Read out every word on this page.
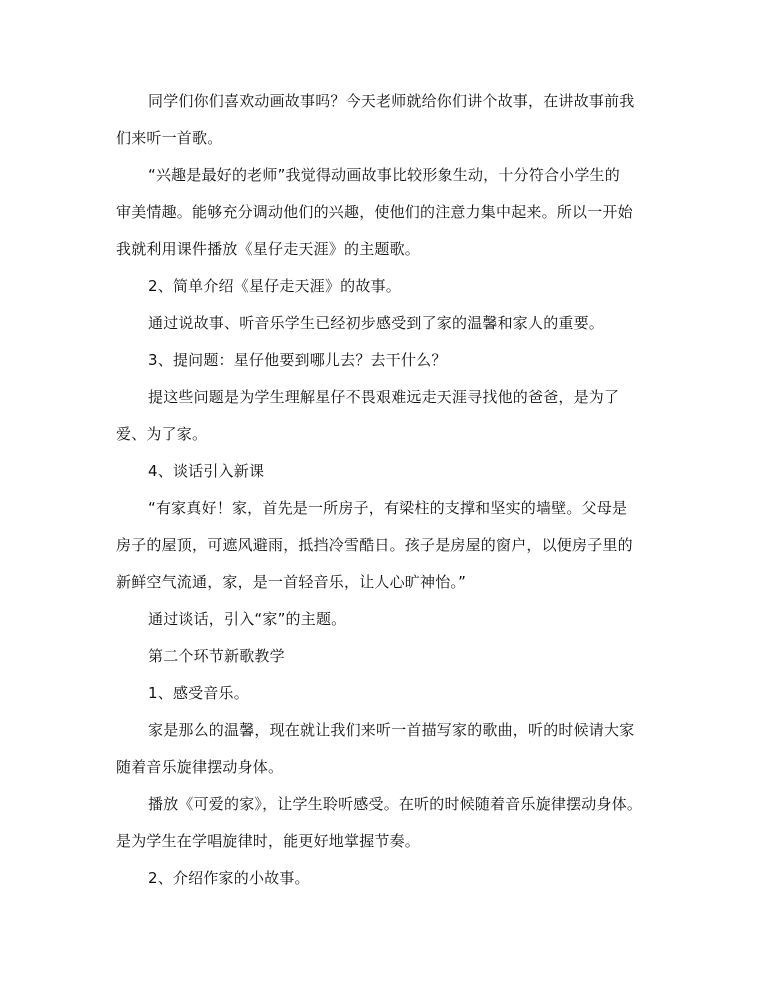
同学们你们喜欢动画故事吗？今天老师就给你们讲个故事，在讲故事前我
们来听一首歌。
“兴趣是最好的老师”我觉得动画故事比较形象生动，十分符合小学生的
审美情趣。能够充分调动他们的兴趣，使他们的注意力集中起来。所以一开始
我就利用课件播放《星仔走天涯》的主题歌。
2、简单介绍《星仔走天涯》的故事。
通过说故事、听音乐学生已经初步感受到了家的温馨和家人的重要。
3、提问题：星仔他要到哪儿去？去干什么？
提这些问题是为学生理解星仔不畏艰难远走天涯寻找他的爸爸，是为了
爱、为了家。
4、谈话引入新课
“有家真好！家，首先是一所房子，有梁柱的支撑和坚实的墙壁。父母是
房子的屋顶，可遮风避雨，抵挡冷雪酷日。孩子是房屋的窗户，以便房子里的
新鲜空气流通，家，是一首轻音乐，让人心旷神怡。”
通过谈话，引入“家”的主题。
第二个环节新歌教学
1、感受音乐。
家是那么的温馨，现在就让我们来听一首描写家的歌曲，听的时候请大家
随着音乐旋律摆动身体。
播放《可爱的家》，让学生聆听感受。在听的时候随着音乐旋律摆动身体。
是为学生在学唱旋律时，能更好地掌握节奏。
2、介绍作家的小故事。
